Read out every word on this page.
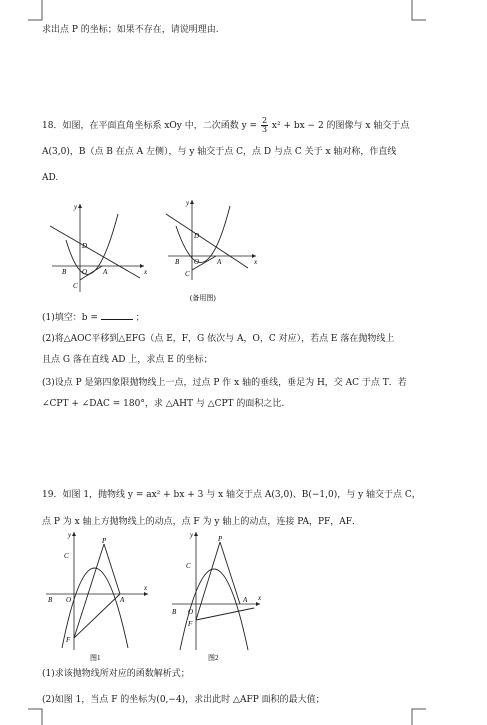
求出点 P 的坐标；如果不存在，请说明理由.
18．如图，在平面直角坐标系 xOy 中，二次函数 $y = \frac{2}{3} x^2$ + bx − 2 的图像与 x 轴交于点
A(3,0)，B（点 B 在点 A 左侧），与 y 轴交于点 C，点 D 与点 C 关于 x 轴对称，作直线
AD.
y
x
D
B O A
C
y
x
D
B O	A
C
(备用图)
(1)填空：b =	；
(2)将△AOC平移到△EFG（点 E，F，G 依次与 A，O，C 对应），若点 E 落在抛物线上
且点 G 落在直线 AD 上，求点 E 的坐标；
(3)设点 P 是第四象限抛物线上一点，过点 P 作 x 轴的垂线，垂足为 H，交 AC 于点 T．若
∠CPT + ∠DAC = 180°，求 △AHT 与 △CPT 的面积之比.
19．如图 1，抛物线 y = ax² + bx + 3 与 x 轴交于点 A(3,0)、B(−1,0)，与 y 轴交于点 C，
点 P 为 x 轴上方抛物线上的动点，点 F 为 y 轴上的动点，连接 PA，PF，AF．
y
x
C
P
B O	A
F
图1
y
x
C
P
B O
A
F
图2
(1)求该抛物线所对应的函数解析式；
(2)如图 1，当点 F 的坐标为(0,−4)，求出此时 △AFP 面积的最大值；
